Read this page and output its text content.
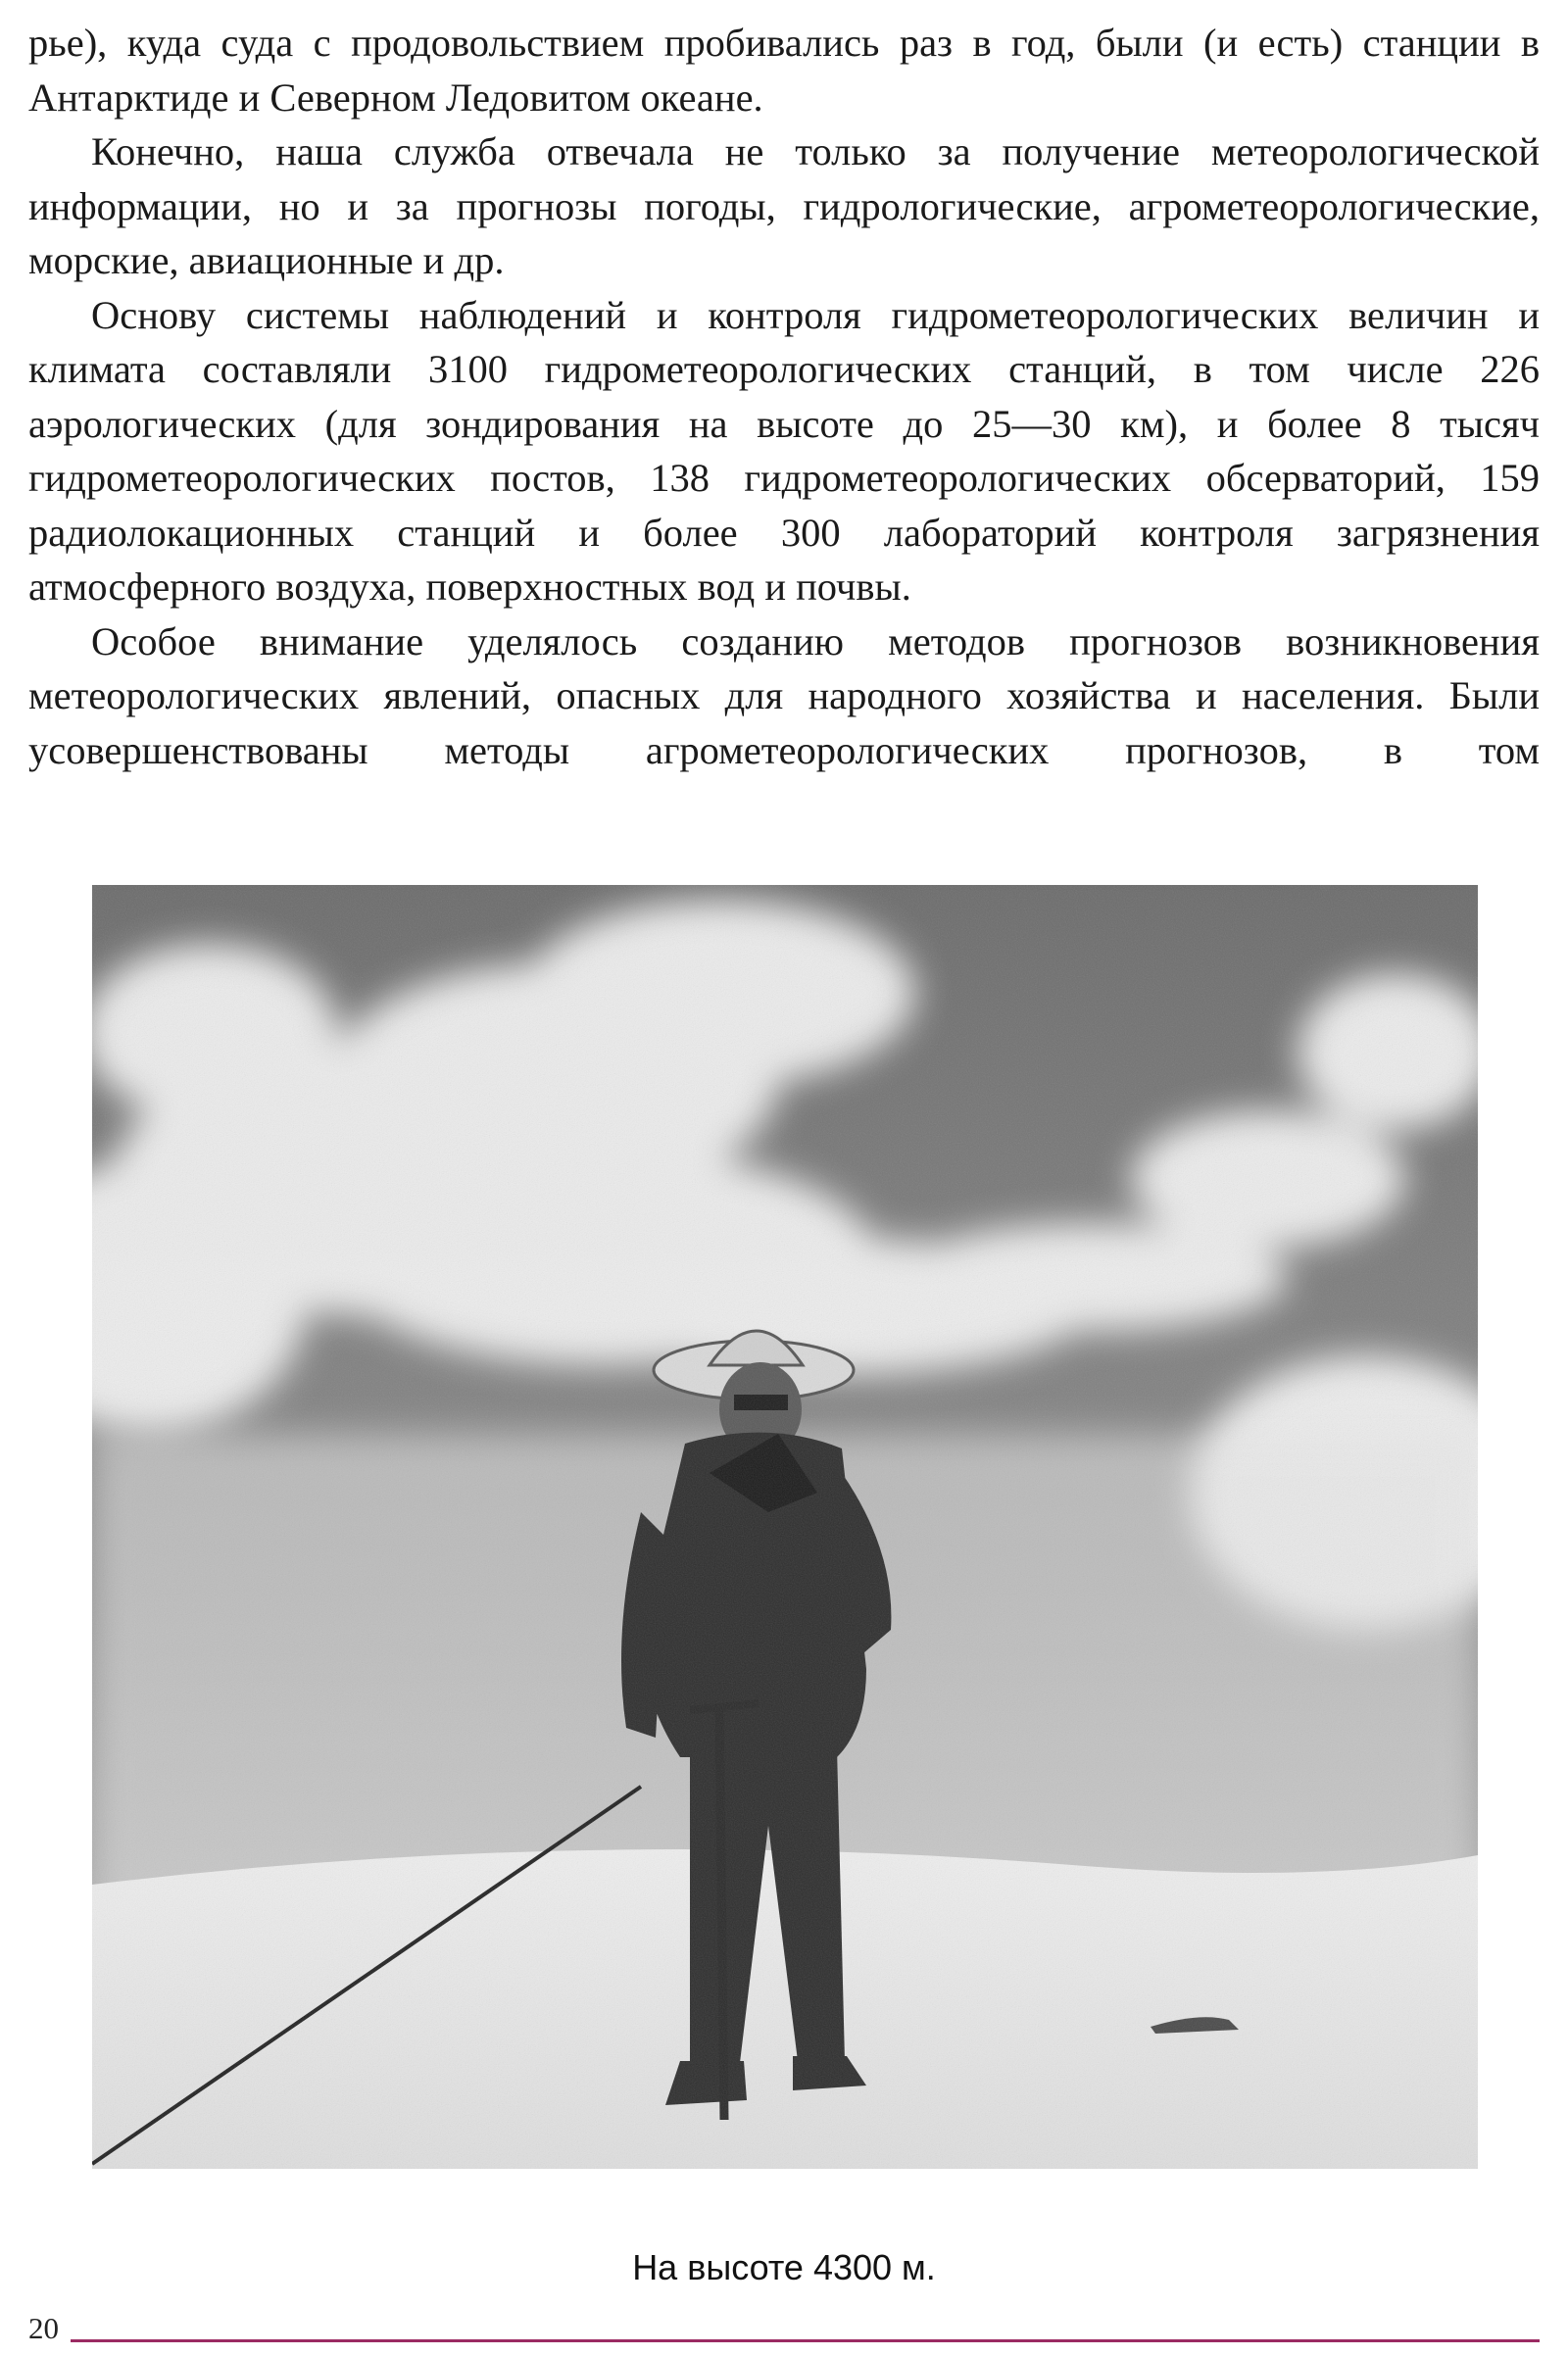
рье), куда суда с продовольствием пробивались раз в год, были (и есть) станции в Антарктиде и Северном Ледовитом океане.

Конечно, наша служба отвечала не только за получение метеорологической информации, но и за прогнозы погоды, гидрологические, агрометеорологические, морские, авиационные и др.

Основу системы наблюдений и контроля гидрометеорологических величин и климата составляли 3100 гидрометеорологических станций, в том числе 226 аэрологических (для зондирования на высоте до 25—30 км), и более 8 тысяч гидрометеорологических постов, 138 гидрометеорологических обсерваторий, 159 радиолокационных станций и более 300 лабораторий контроля загрязнения атмосферного воздуха, поверхностных вод и почвы.

Особое внимание уделялось созданию методов прогнозов возникновения метеорологических явлений, опасных для народного хозяйства и населения. Были усовершенствованы методы агрометеорологических прогнозов, в том

На высоте 4300 м.
20
